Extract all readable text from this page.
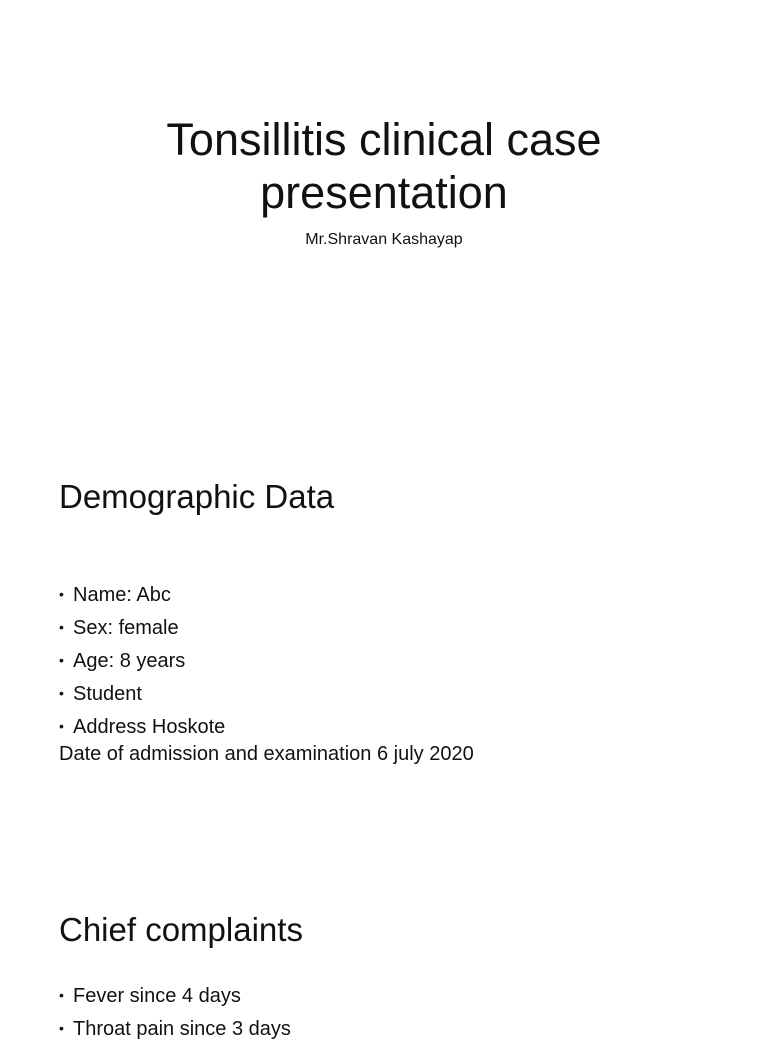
Tonsillitis clinical case
presentation

Mr.Shravan Kashayap

Demographic Data
• Name: Abc
• Sex: female
• Age: 8 years
• Student
• Address Hoskote

Date of admission and examination 6 july 2020

Chief complaints
• Fever since 4 days
• Throat pain since 3 days
